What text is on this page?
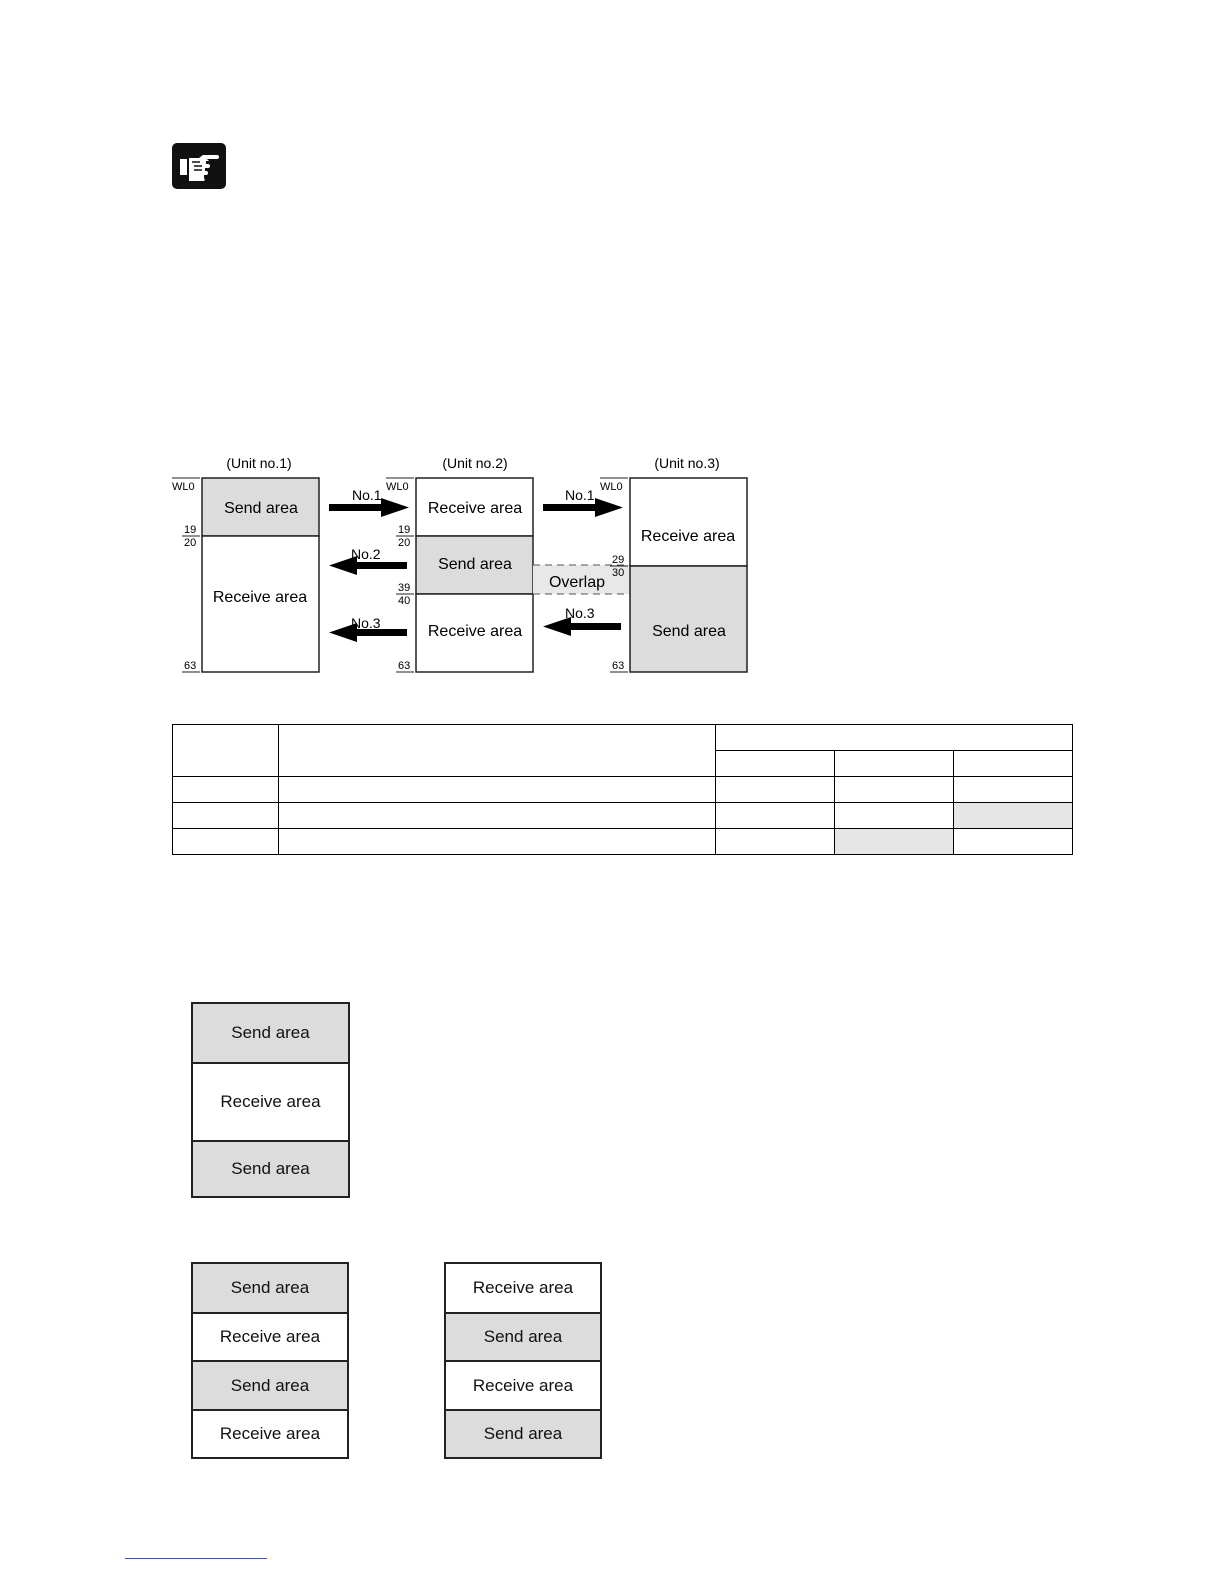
(Unit no.1)	(Unit no.2)	(Unit no.3)
Send area
Receive area
WL0
19
20
63
Receive area
Send area
Receive area
WL0
19
20
39
40
63
Overlap
Receive area
Send area
WL0
29
30
63
No.1	No.1
No.2
No.3
No.3

Send area
Receive area
Send area
Send area
Receive area
Send area
Receive area
Receive area
Send area
Receive area
Send area
